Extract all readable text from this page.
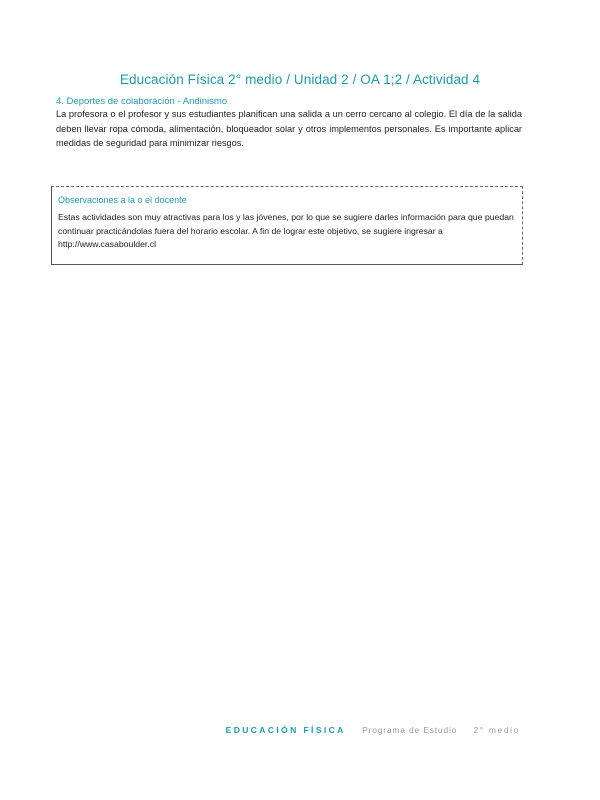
Educación Física 2° medio / Unidad 2 / OA 1;2 / Actividad 4
4. Deportes de colaboración - Andinismo
La profesora o el profesor y sus estudiantes planifican una salida a un cerro cercano al colegio. El día de la salida deben llevar ropa cómoda, alimentación, bloqueador solar y otros implementos personales. Es importante aplicar medidas de seguridad para minimizar riesgos.
Observaciones a la o el docente
Estas actividades son muy atractivas para los y las jóvenes, por lo que se sugiere darles información para que puedan continuar practicándolas fuera del horario escolar. A fin de lograr este objetivo, se sugiere ingresar a http://www.casaboulder.cl
EDUCACIÓN FÍSICA Programa de Estudio 2° medio
